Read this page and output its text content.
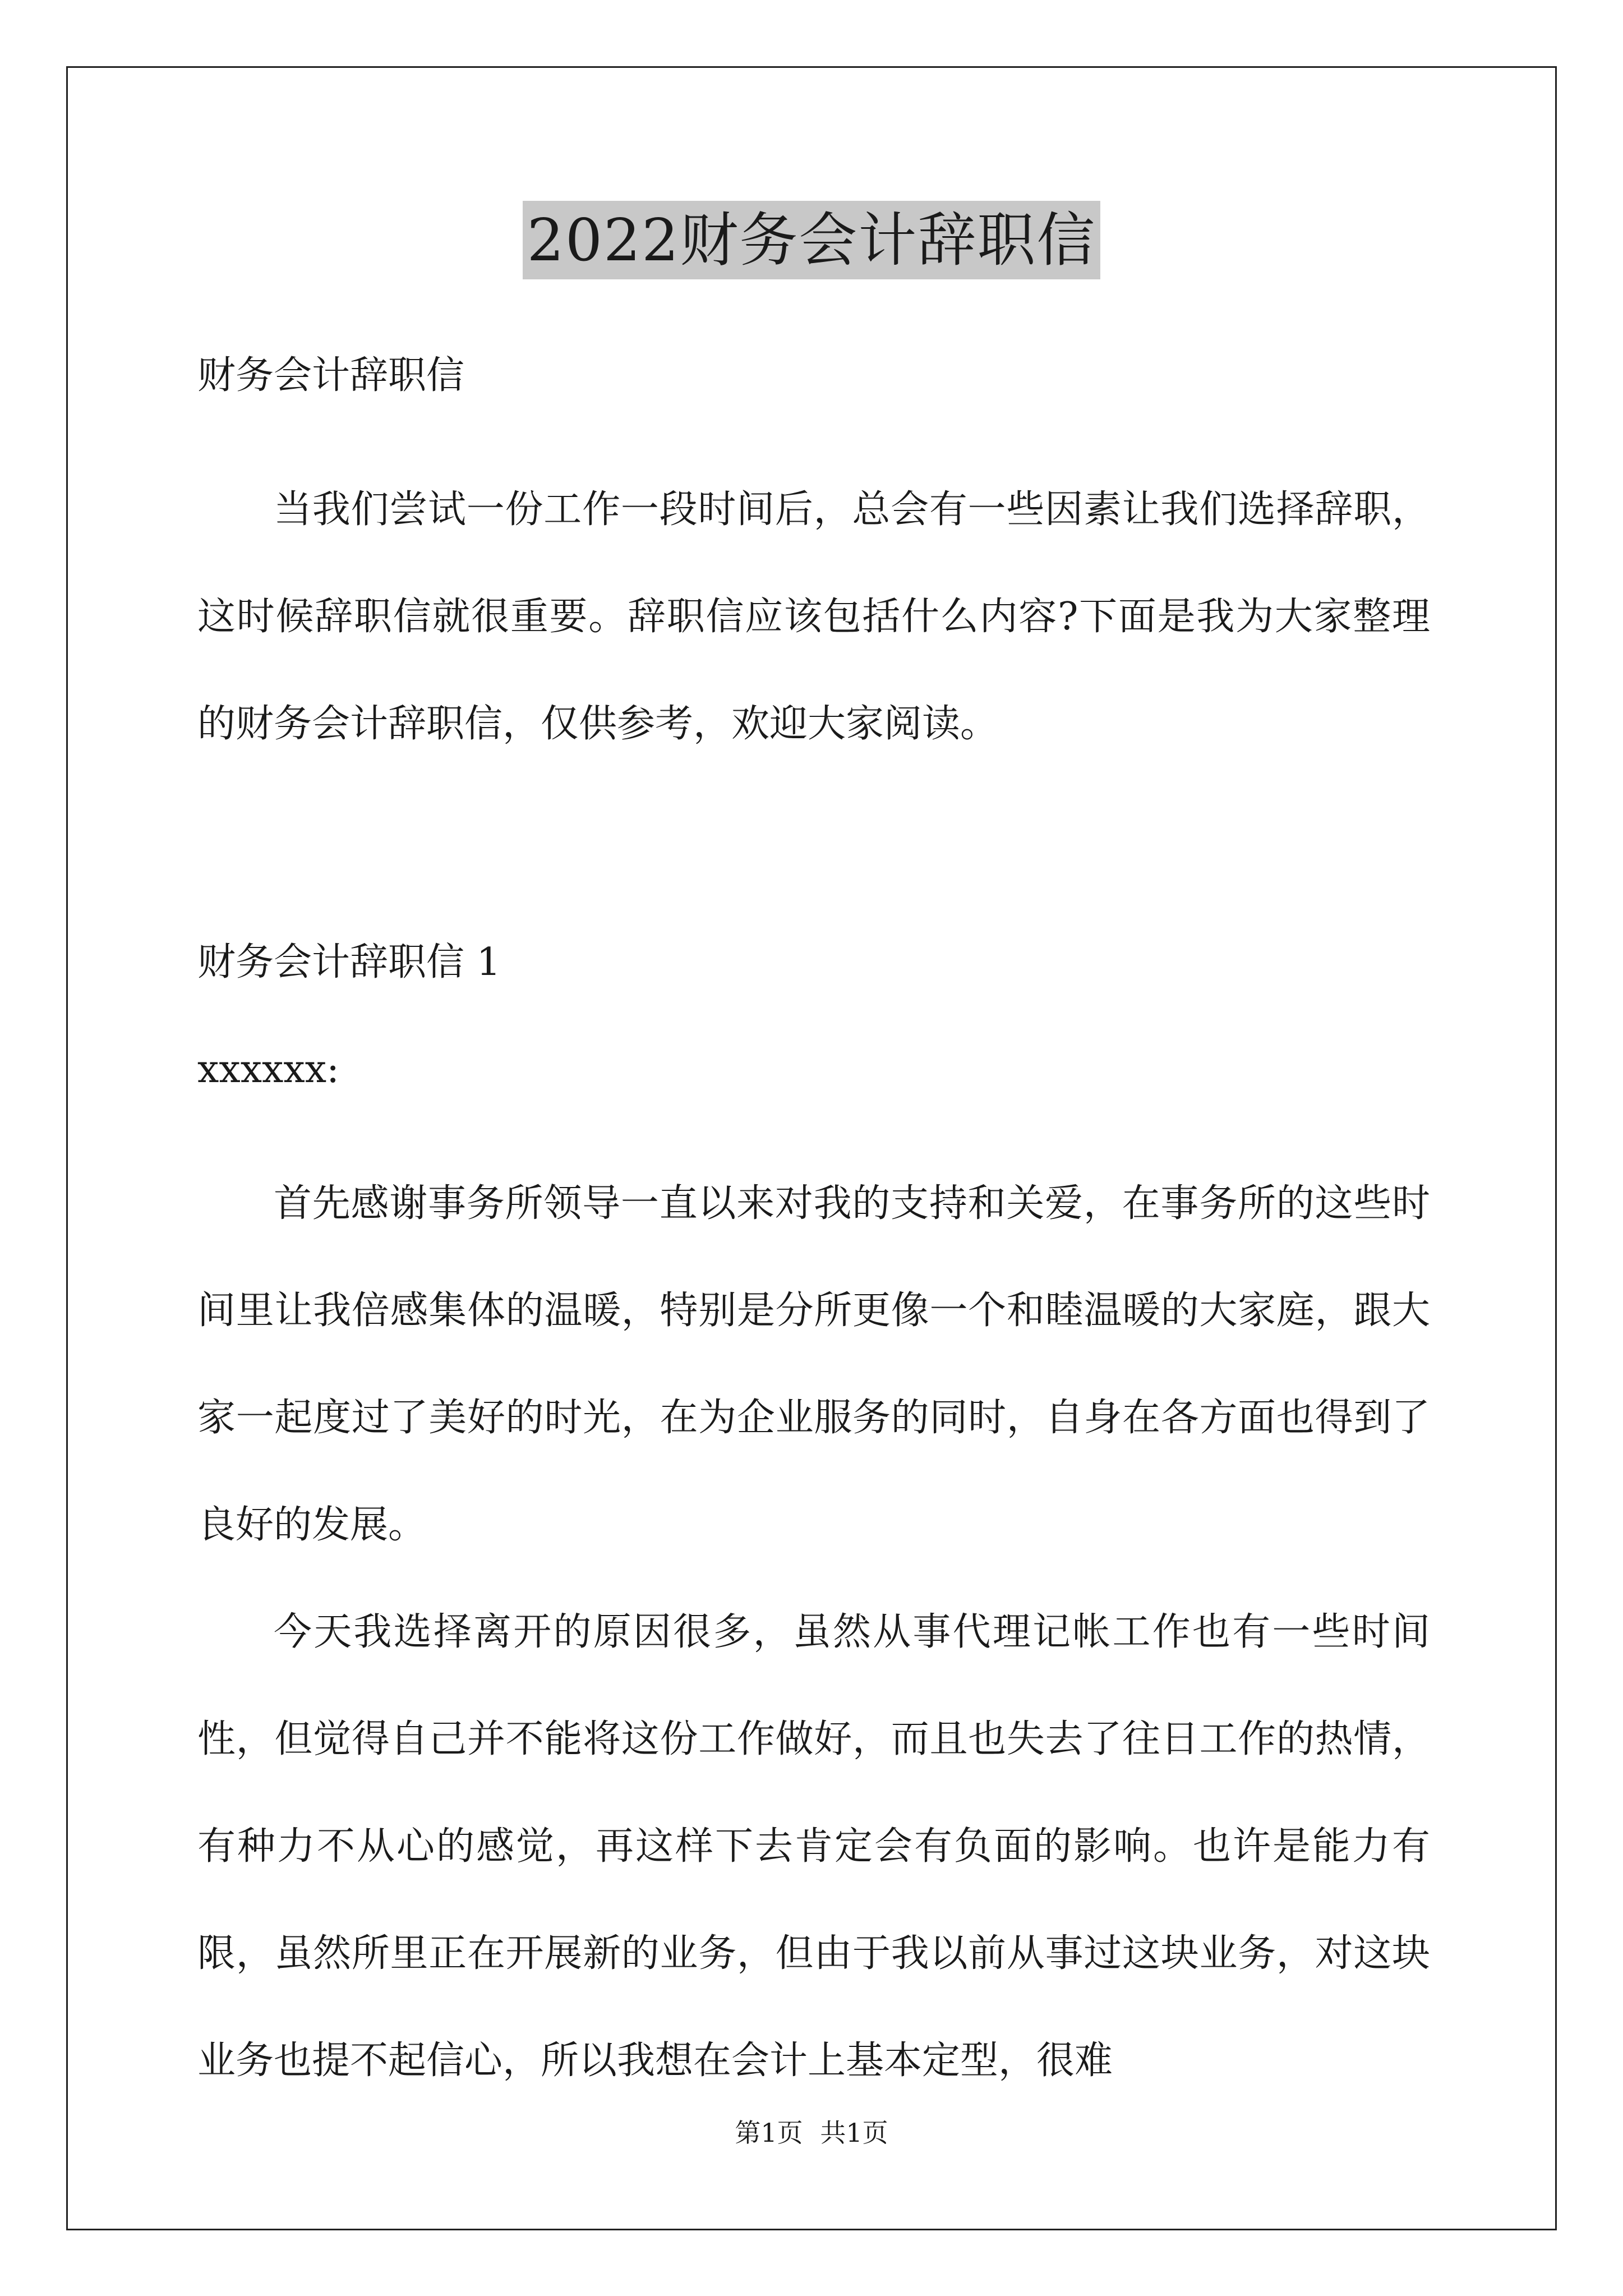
2022财务会计辞职信
财务会计辞职信

当我们尝试一份工作一段时间后，总会有一些因素让我们选择辞职，这时候辞职信就很重要。辞职信应该包括什么内容?下面是我为大家整理的财务会计辞职信，仅供参考，欢迎大家阅读。

财务会计辞职信 1
xxxxxx:

首先感谢事务所领导一直以来对我的支持和关爱，在事务所的这些时间里让我倍感集体的温暖，特别是分所更像一个和睦温暖的大家庭，跟大家一起度过了美好的时光，在为企业服务的同时，自身在各方面也得到了良好的发展。

今天我选择离开的原因很多，虽然从事代理记帐工作也有一些时间性，但觉得自己并不能将这份工作做好，而且也失去了往日工作的热情，有种力不从心的感觉，再这样下去肯定会有负面的影响。也许是能力有限，虽然所里正在开展新的业务，但由于我以前从事过这块业务，对这块业务也提不起信心，所以我想在会计上基本定型，很难

第1页 共1页
